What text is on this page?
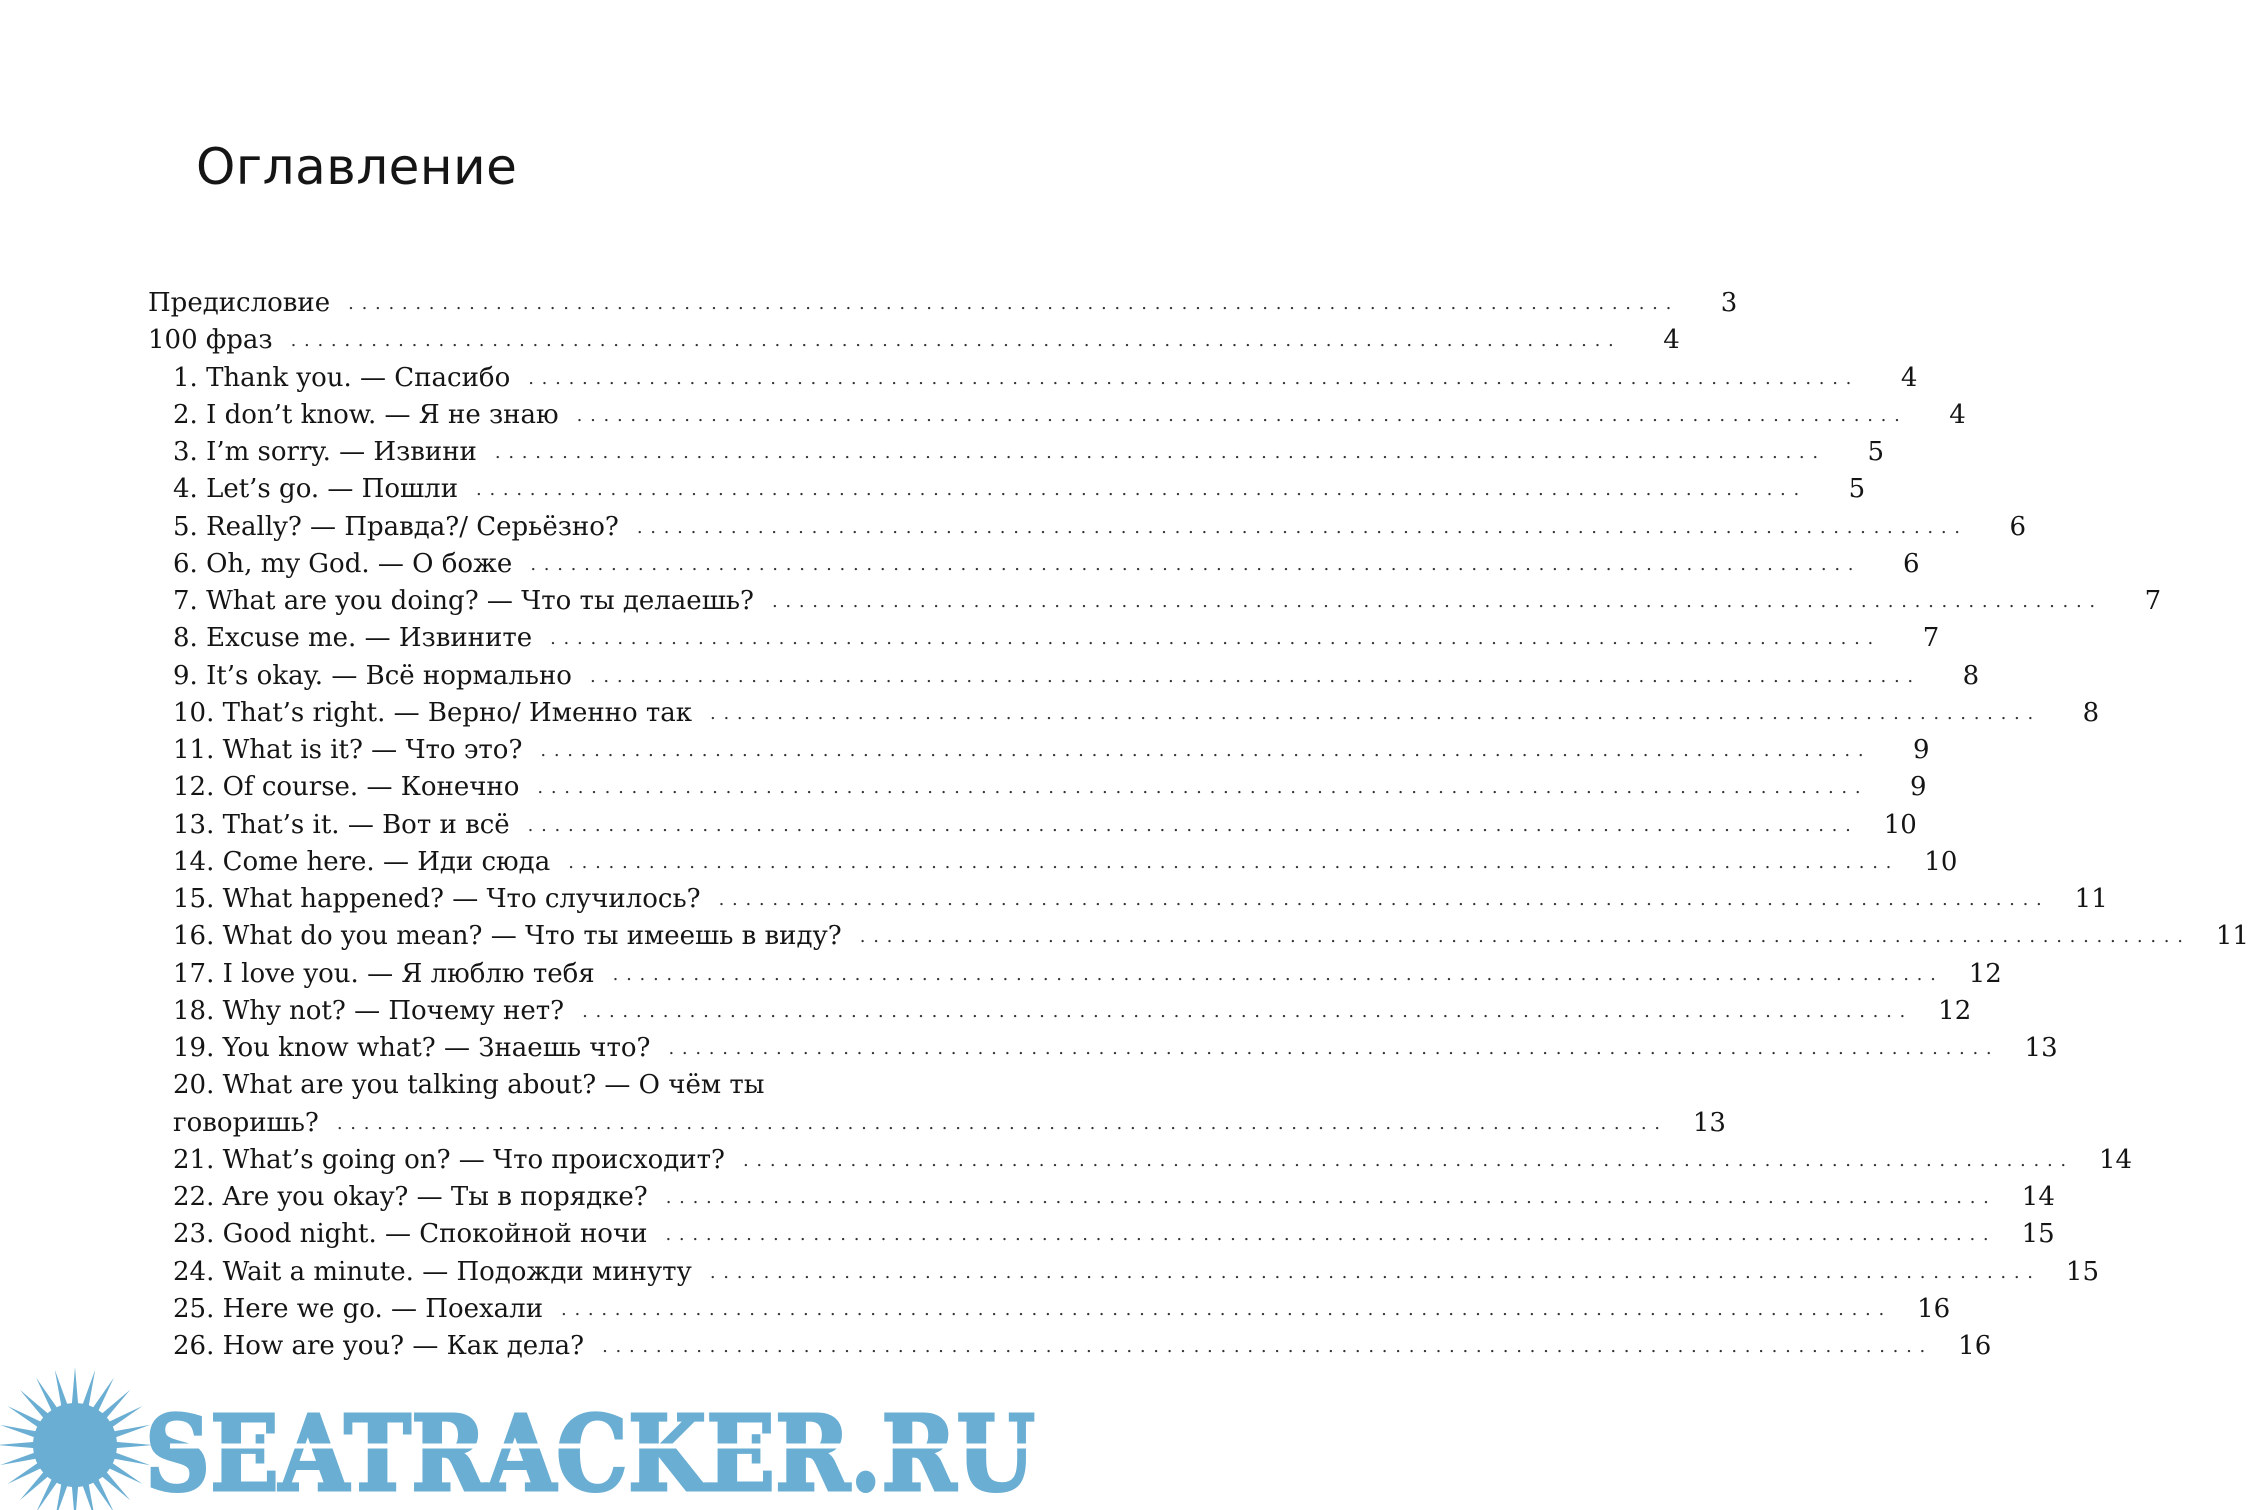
Оглавление
Предисловие . . .	3
100 фраз . . .	4
1. Thank you. — Спасибо . . .	4
2. I don’t know. — Я не знаю . . .	4
3. I’m sorry. — Извини . . .	5
4. Let’s go. — Пошли . . .	5
5. Really? — Правда?/ Серьёзно? . . .	6
6. Oh, my God. — О боже . . .	6
7. What are you doing? — Что ты делаешь? . . .	7
8. Excuse me. — Извините . . .	7
9. It’s okay. — Всё нормально . . .	8
10. That’s right. — Верно/ Именно так . . .	8
11. What is it? — Что это? . . .	9
12. Of course. — Конечно . . .	9
13. That’s it. — Вот и всё . . .	10
14. Come here. — Иди сюда . . .	10
15. What happened? — Что случилось? . . .	11
16. What do you mean? — Что ты имеешь в виду? . . .	11
17. I love you. — Я люблю тебя . . .	12
18. Why not? — Почему нет? . . .	12
19. You know what? — Знаешь что? . . .	13
20. What are you talking about? — О чём ты
говоришь? . . .	13
21. What’s going on? — Что происходит? . . .	14
22. Are you okay? — Ты в порядке? . . .	14
23. Good night. — Спокойной ночи . . .	15
24. Wait a minute. — Подожди минуту . . .	15
25. Here we go. — Поехали . . .	16
26. How are you? — Как дела? . . .	16
SEATRACKER.RU
